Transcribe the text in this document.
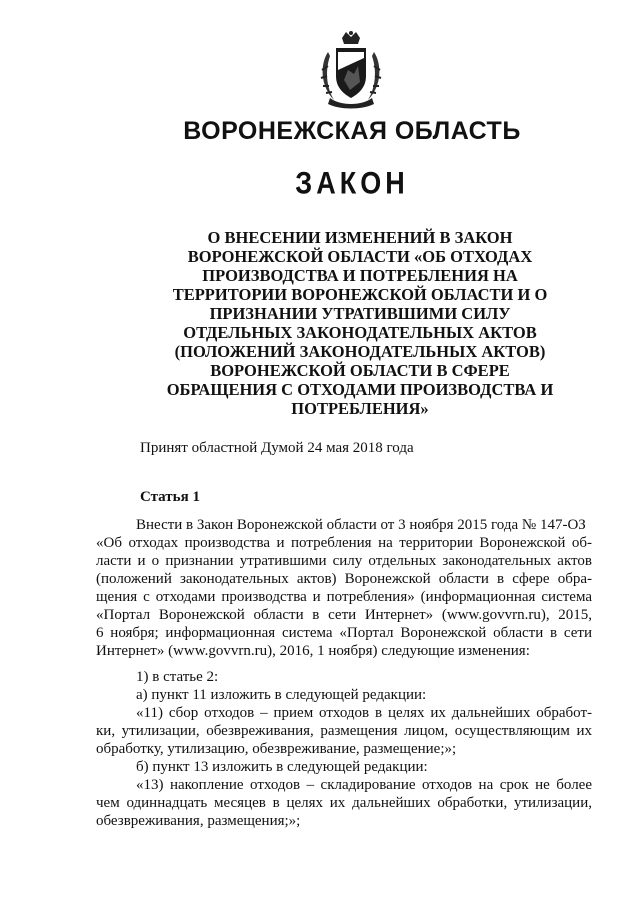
ВОРОНЕЖСКАЯ ОБЛАСТЬ
ЗАКОН
О ВНЕСЕНИИ ИЗМЕНЕНИЙ В ЗАКОН
ВОРОНЕЖСКОЙ ОБЛАСТИ «ОБ ОТХОДАХ
ПРОИЗВОДСТВА И ПОТРЕБЛЕНИЯ НА
ТЕРРИТОРИИ ВОРОНЕЖСКОЙ ОБЛАСТИ И О
ПРИЗНАНИИ УТРАТИВШИМИ СИЛУ
ОТДЕЛЬНЫХ ЗАКОНОДАТЕЛЬНЫХ АКТОВ
(ПОЛОЖЕНИЙ ЗАКОНОДАТЕЛЬНЫХ АКТОВ)
ВОРОНЕЖСКОЙ ОБЛАСТИ В СФЕРЕ
ОБРАЩЕНИЯ С ОТХОДАМИ ПРОИЗВОДСТВА И
ПОТРЕБЛЕНИЯ»
Принят областной Думой 24 мая 2018 года
Статья 1
Внести в Закон Воронежской области от 3 ноября 2015 года № 147-ОЗ
«Об отходах производства и потребления на территории Воронежской об-
ласти и о признании утратившими силу отдельных законодательных актов
(положений законодательных актов) Воронежской области в сфере обра-
щения с отходами производства и потребления» (информационная система
«Портал Воронежской области в сети Интернет» (www.govvrn.ru), 2015,
6 ноября; информационная система «Портал Воронежской области в сети
Интернет» (www.govvrn.ru), 2016, 1 ноября) следующие изменения:
1) в статье 2:
а) пункт 11 изложить в следующей редакции:
«11) сбор отходов – прием отходов в целях их дальнейших обработ-
ки, утилизации, обезвреживания, размещения лицом, осуществляющим их
обработку, утилизацию, обезвреживание, размещение;»;
б) пункт 13 изложить в следующей редакции:
«13) накопление отходов – складирование отходов на срок не более
чем одиннадцать месяцев в целях их дальнейших обработки, утилизации,
обезвреживания, размещения;»;
